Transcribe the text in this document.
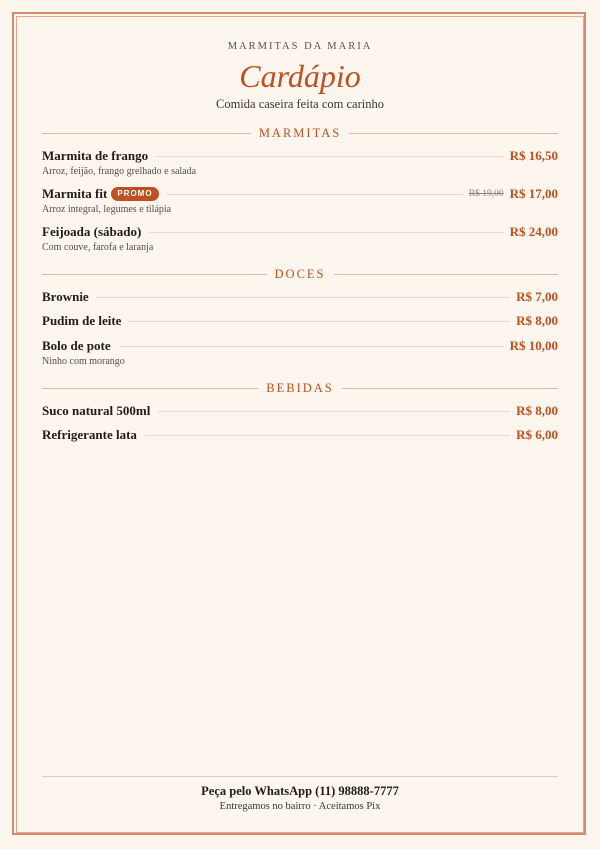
MARMITAS DA MARIA
Cardápio
Comida caseira feita com carinho
MARMITAS
Marmita de frango	R$ 16,50
Arroz, feijão, frango grelhado e salada
Marmita fit	PROMO	R$ 19,00 R$ 17,00
Arroz integral, legumes e tilápia
Feijoada (sábado)	R$ 24,00
Com couve, farofa e laranja
DOCES
Brownie	R$ 7,00
Pudim de leite	R$ 8,00
Bolo de pote	R$ 10,00
Ninho com morango
BEBIDAS
Suco natural 500ml	R$ 8,00
Refrigerante lata	R$ 6,00
Peça pelo WhatsApp (11) 98888-7777
Entregamos no bairro · Aceitamos Pix
